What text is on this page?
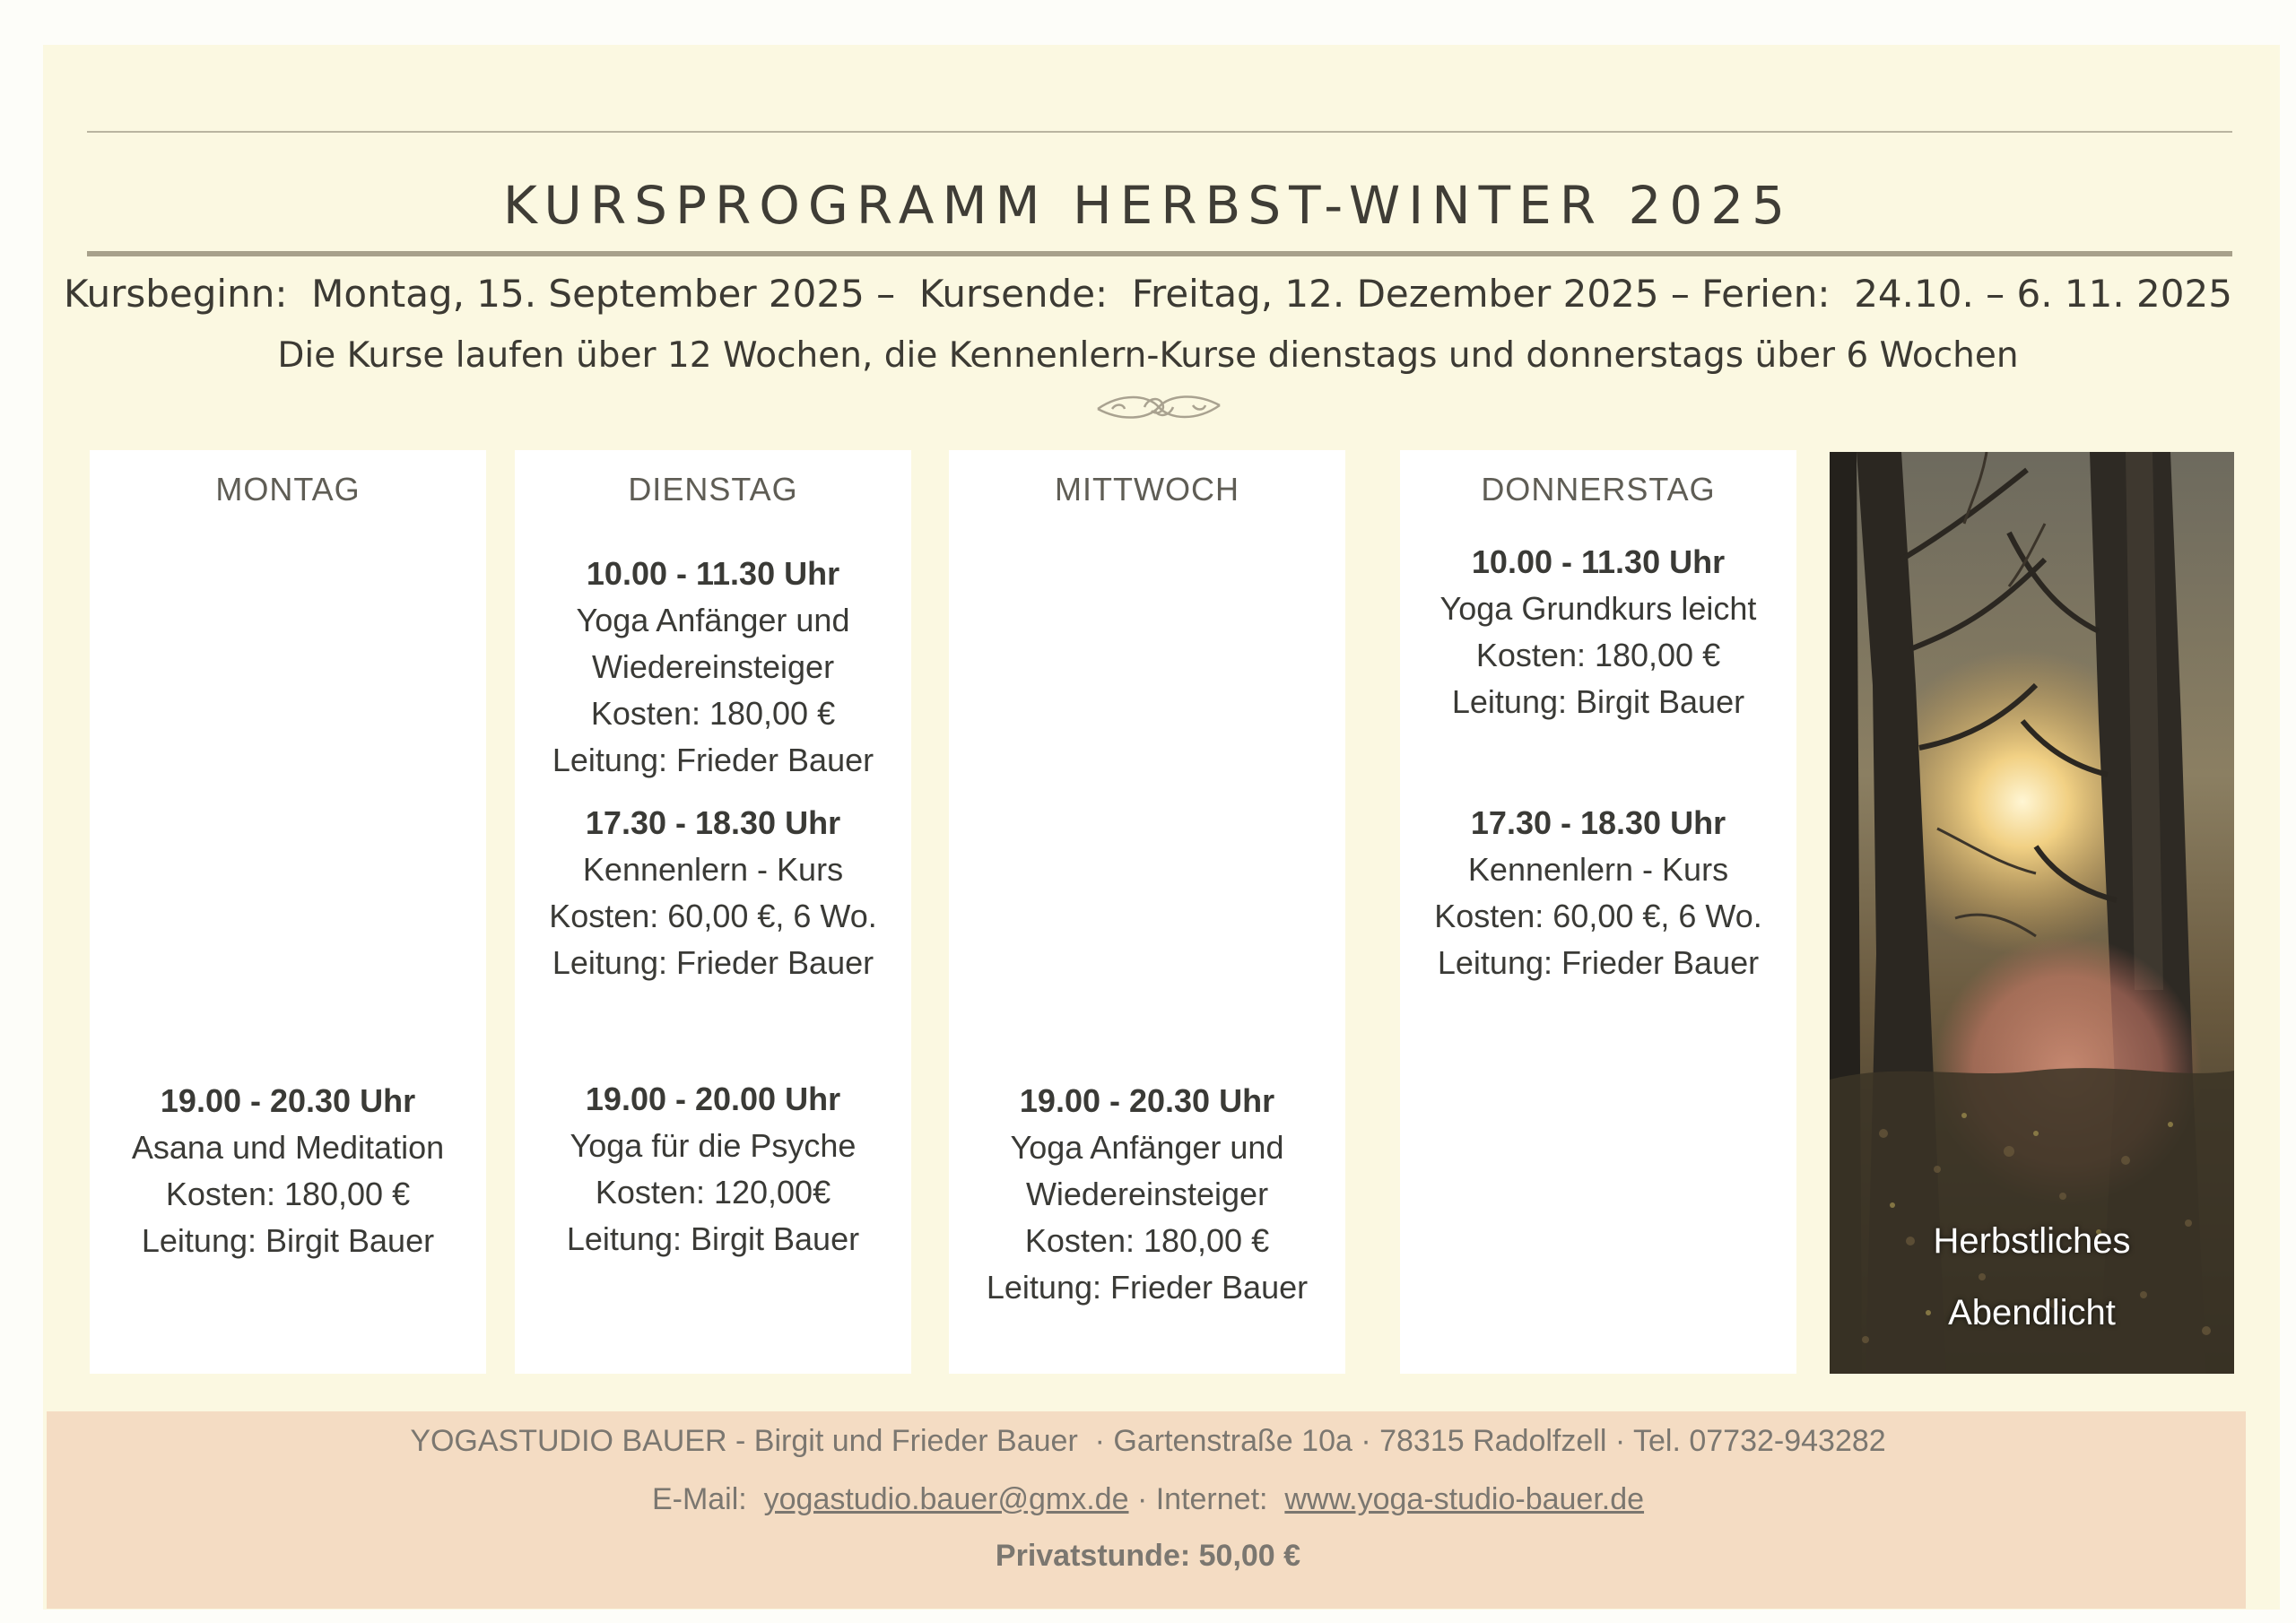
KURSPROGRAMM HERBST-WINTER 2025
Kursbeginn:  Montag, 15. September 2025 –  Kursende:  Freitag, 12. Dezember 2025 – Ferien:  24.10. – 6. 11. 2025
Die Kurse laufen über 12 Wochen, die Kennenlern-Kurse dienstags und donnerstags über 6 Wochen
MONTAG
19.00 - 20.30 Uhr
Asana und Meditation
Kosten: 180,00 €
Leitung: Birgit Bauer
DIENSTAG
10.00 - 11.30 Uhr
Yoga Anfänger und
Wiedereinsteiger
Kosten: 180,00 €
Leitung: Frieder Bauer
17.30 - 18.30 Uhr
Kennenlern - Kurs
Kosten: 60,00 €, 6 Wo.
Leitung: Frieder Bauer
19.00 - 20.00 Uhr
Yoga für die Psyche
Kosten: 120,00€
Leitung: Birgit Bauer
MITTWOCH
19.00 - 20.30 Uhr
Yoga Anfänger und
Wiedereinsteiger
Kosten: 180,00 €
Leitung: Frieder Bauer
DONNERSTAG
10.00 - 11.30 Uhr
Yoga Grundkurs leicht
Kosten: 180,00 €
Leitung: Birgit Bauer
17.30 - 18.30 Uhr
Kennenlern - Kurs
Kosten: 60,00 €, 6 Wo.
Leitung: Frieder Bauer
Herbstliches
Abendlicht
YOGASTUDIO BAUER - Birgit und Frieder Bauer  · Gartenstraße 10a · 78315 Radolfzell · Tel. 07732-943282
E-Mail:  yogastudio.bauer@gmx.de · Internet:  www.yoga-studio-bauer.de
Privatstunde: 50,00 €
